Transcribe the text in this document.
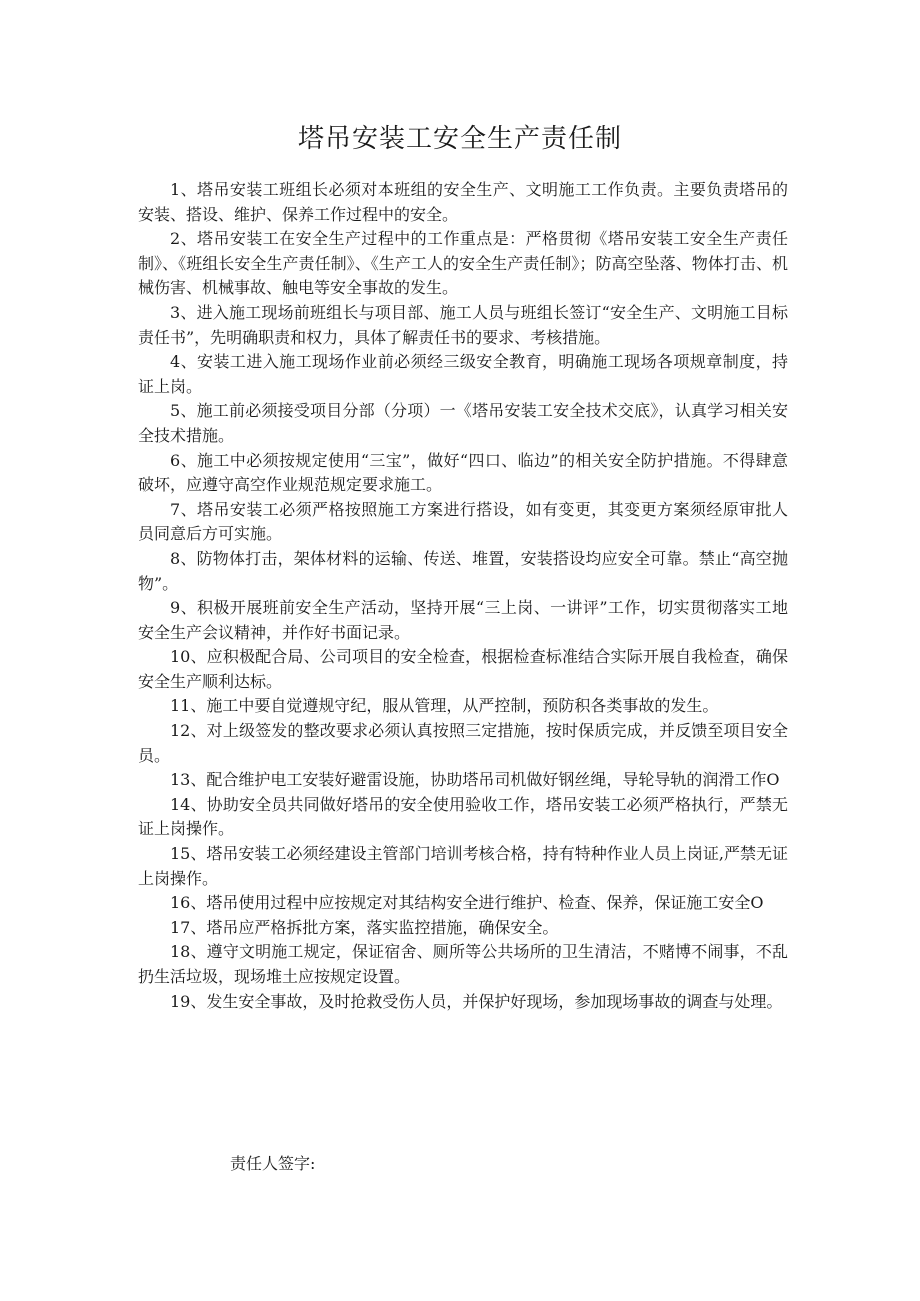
塔吊安装工安全生产责任制

1、塔吊安装工班组长必须对本班组的安全生产、文明施工工作负责。主要负责塔吊的安装、搭设、维护、保养工作过程中的安全。

2、塔吊安装工在安全生产过程中的工作重点是：严格贯彻《塔吊安装工安全生产责任制》、《班组长安全生产责任制》、《生产工人的安全生产责任制》；防高空坠落、物体打击、机械伤害、机械事故、触电等安全事故的发生。

3、进入施工现场前班组长与项目部、施工人员与班组长签订“安全生产、文明施工目标责任书”，先明确职责和权力，具体了解责任书的要求、考核措施。

4、安装工进入施工现场作业前必须经三级安全教育，明确施工现场各项规章制度，持证上岗。

5、施工前必须接受项目分部（分项）一《塔吊安装工安全技术交底》，认真学习相关安全技术措施。

6、施工中必须按规定使用“三宝”，做好“四口、临边”的相关安全防护措施。不得肆意破坏，应遵守高空作业规范规定要求施工。

7、塔吊安装工必须严格按照施工方案进行搭设，如有变更，其变更方案须经原审批人员同意后方可实施。

8、防物体打击，架体材料的运输、传送、堆置，安装搭设均应安全可靠。禁止“高空抛物”。

9、积极开展班前安全生产活动，坚持开展“三上岗、一讲评”工作，切实贯彻落实工地安全生产会议精神，并作好书面记录。

10、应积极配合局、公司项目的安全检查，根据检查标准结合实际开展自我检查，确保安全生产顺利达标。

11、施工中要自觉遵规守纪，服从管理，从严控制，预防积各类事故的发生。

12、对上级签发的整改要求必须认真按照三定措施，按时保质完成，并反馈至项目安全员。

13、配合维护电工安装好避雷设施，协助塔吊司机做好钢丝绳，导轮导轨的润滑工作O

14、协助安全员共同做好塔吊的安全使用验收工作，塔吊安装工必须严格执行，严禁无证上岗操作。

15、塔吊安装工必须经建设主管部门培训考核合格，持有特种作业人员上岗证,严禁无证上岗操作。

16、塔吊使用过程中应按规定对其结构安全进行维护、检查、保养，保证施工安全O

17、塔吊应严格拆批方案，落实监控措施，确保安全。

18、遵守文明施工规定，保证宿舍、厕所等公共场所的卫生清洁，不赌博不闹事，不乱扔生活垃圾，现场堆土应按规定设置。

19、发生安全事故，及时抢救受伤人员，并保护好现场，参加现场事故的调查与处理。

责任人签字:
